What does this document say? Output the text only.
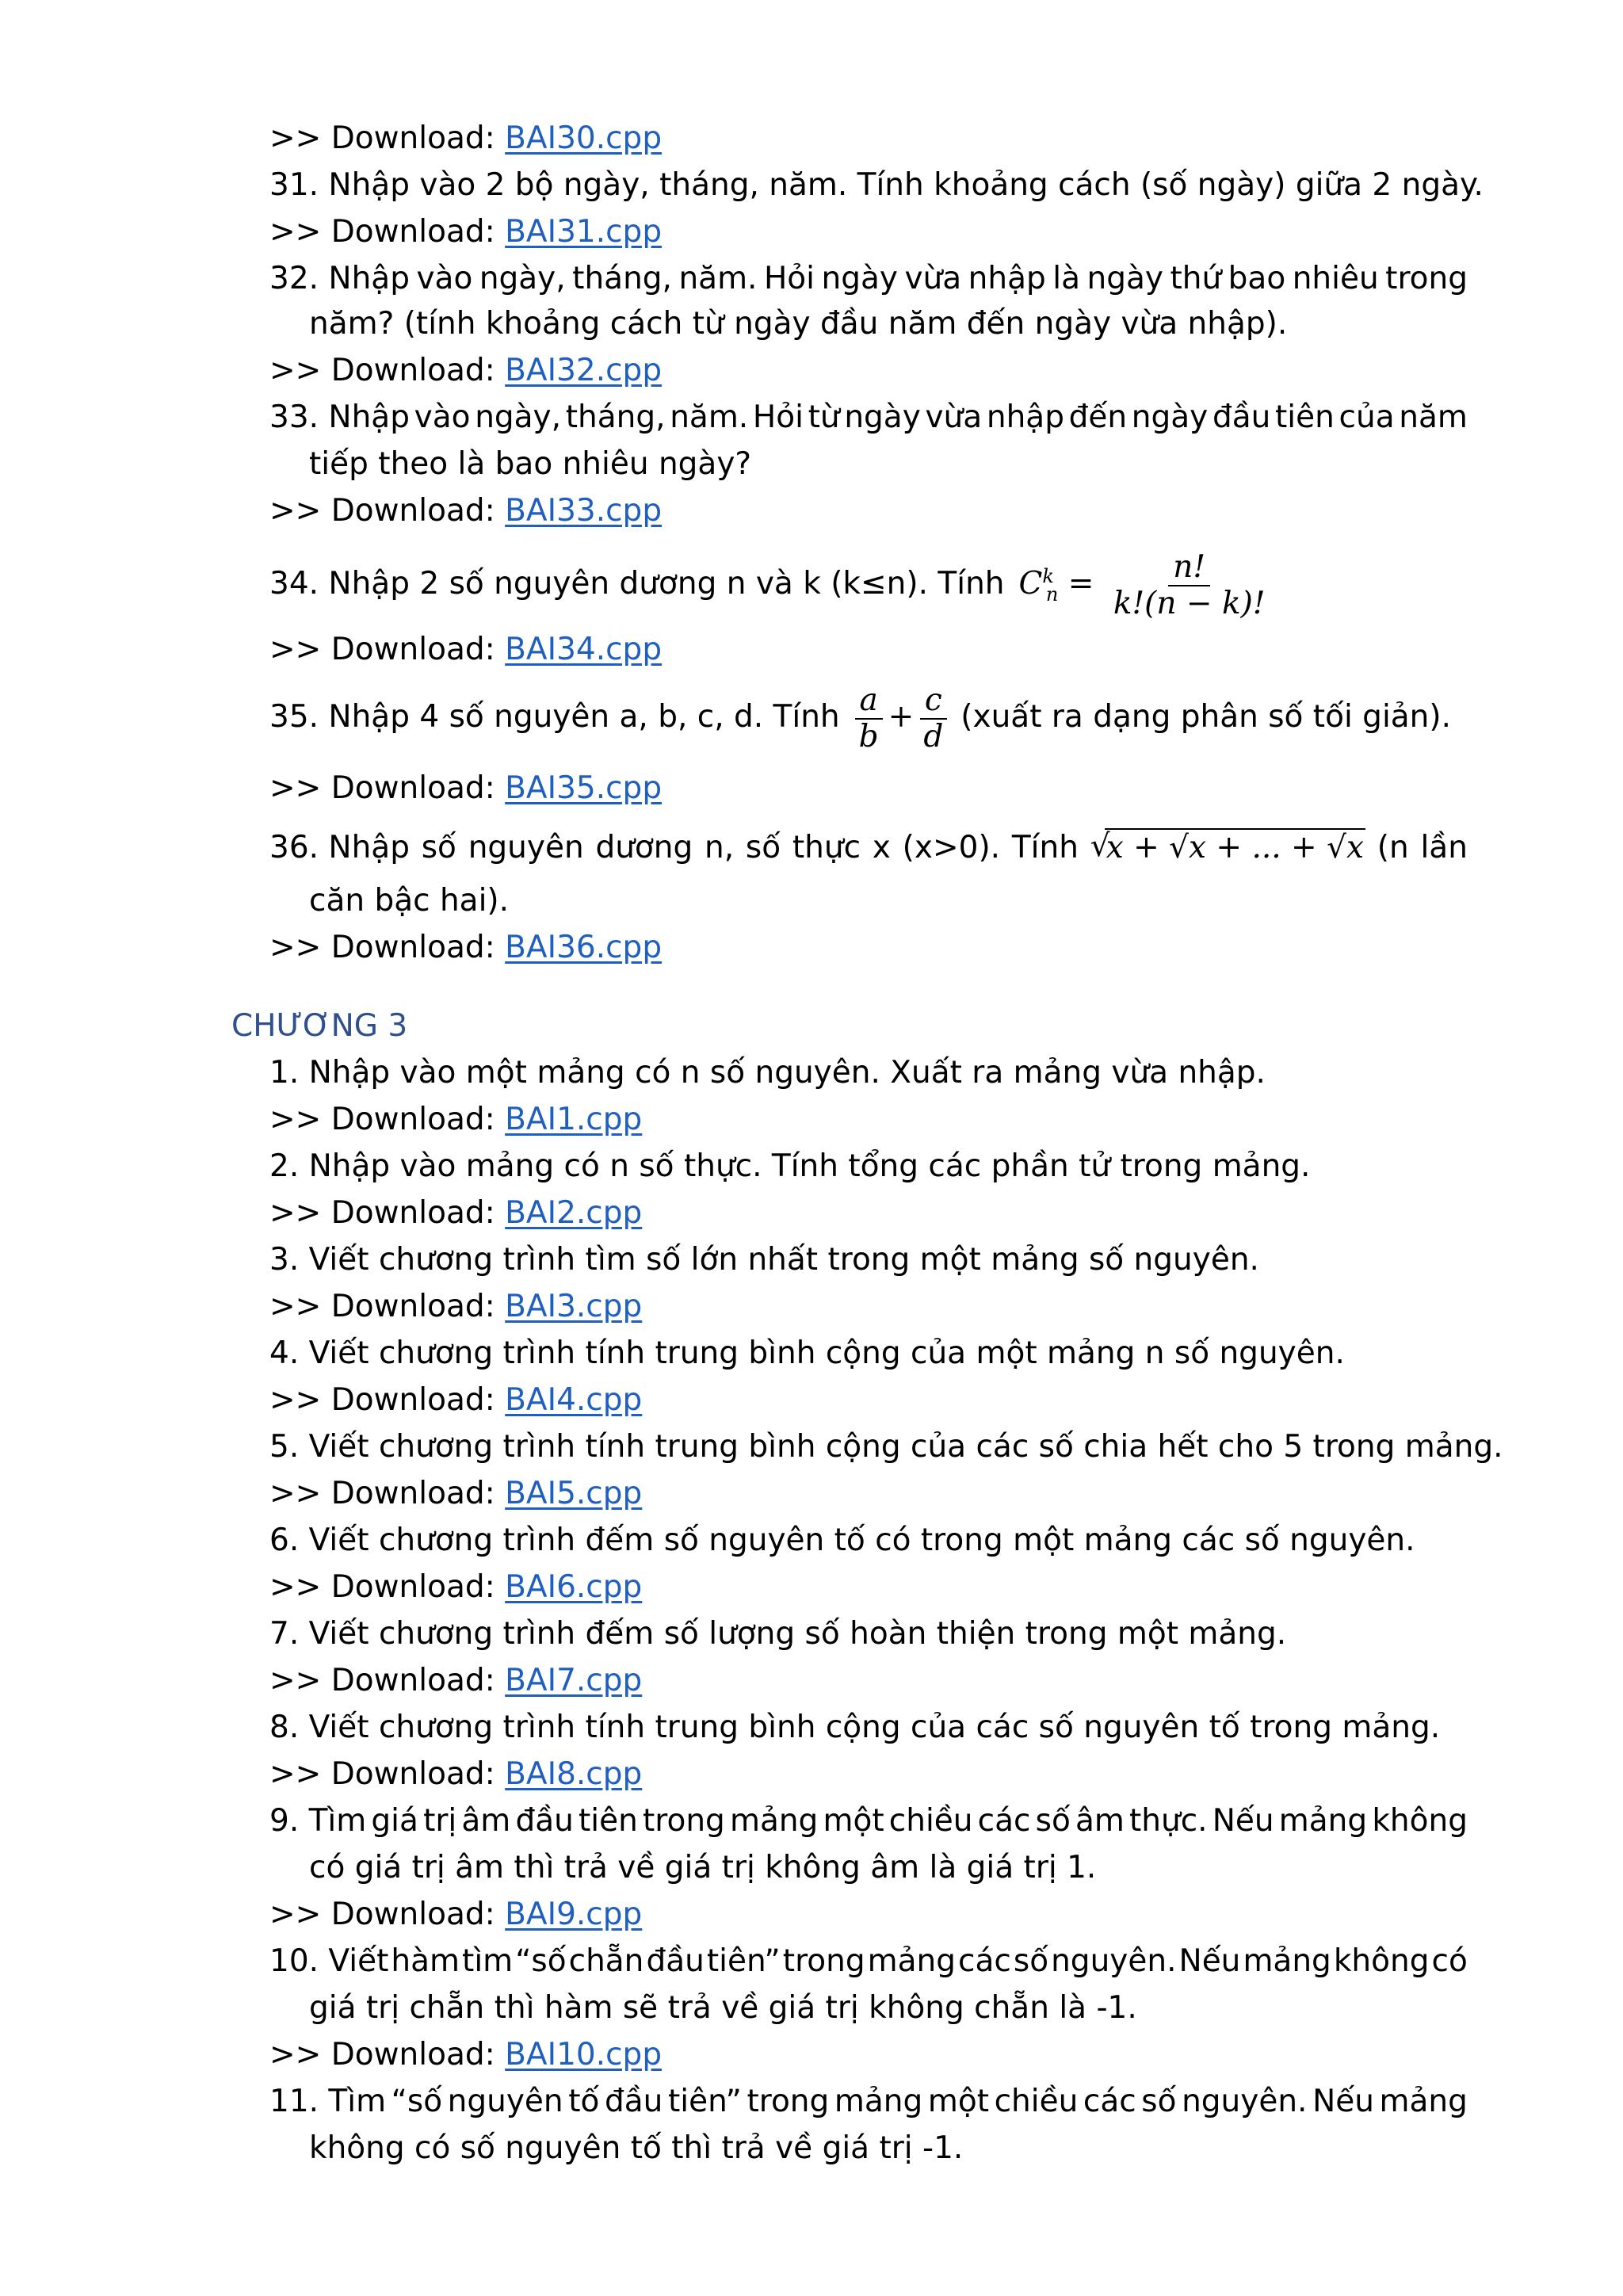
>> Download: BAI30.cpp
31. Nhập vào 2 bộ ngày, tháng, năm. Tính khoảng cách (số ngày) giữa 2 ngày.
>> Download: BAI31.cpp
32. Nhập vào ngày, tháng, năm. Hỏi ngày vừa nhập là ngày thứ bao nhiêu trong
năm? (tính khoảng cách từ ngày đầu năm đến ngày vừa nhập).
>> Download: BAI32.cpp
33. Nhập vào ngày, tháng, năm. Hỏi từ ngày vừa nhập đến ngày đầu tiên của năm
tiếp theo là bao nhiêu ngày?
>> Download: BAI33.cpp
34. Nhập 2 số nguyên dương n và k (k≤n). Tính $C^k_n = \frac{n!}{k!(n - k)!}$
>> Download: BAI34.cpp
35. Nhập 4 số nguyên a, b, c, d. Tính $\frac{a}{b} + \frac{c}{d}$ (xuất ra dạng phân số tối giản).
>> Download: BAI35.cpp
36. Nhập số nguyên dương n, số thực x (x>0). Tính
√ x + √x + ... + √x (n lần
căn bậc hai).
>> Download: BAI36.cpp
CHƯƠNG 3
1. Nhập vào một mảng có n số nguyên. Xuất ra mảng vừa nhập.
>> Download: BAI1.cpp
2. Nhập vào mảng có n số thực. Tính tổng các phần tử trong mảng.
>> Download: BAI2.cpp
3. Viết chương trình tìm số lớn nhất trong một mảng số nguyên.
>> Download: BAI3.cpp
4. Viết chương trình tính trung bình cộng của một mảng n số nguyên.
>> Download: BAI4.cpp
5. Viết chương trình tính trung bình cộng của các số chia hết cho 5 trong mảng.
>> Download: BAI5.cpp
6. Viết chương trình đếm số nguyên tố có trong một mảng các số nguyên.
>> Download: BAI6.cpp
7. Viết chương trình đếm số lượng số hoàn thiện trong một mảng.
>> Download: BAI7.cpp
8. Viết chương trình tính trung bình cộng của các số nguyên tố trong mảng.
>> Download: BAI8.cpp
9. Tìm giá trị âm đầu tiên trong mảng một chiều các số âm thực. Nếu mảng không
có giá trị âm thì trả về giá trị không âm là giá trị 1.
>> Download: BAI9.cpp
10. Viết hàm tìm “số chẵn đầu tiên” trong mảng các số nguyên. Nếu mảng không có
giá trị chẵn thì hàm sẽ trả về giá trị không chẵn là -1.
>> Download: BAI10.cpp
11. Tìm “số nguyên tố đầu tiên” trong mảng một chiều các số nguyên. Nếu mảng
không có số nguyên tố thì trả về giá trị -1.
